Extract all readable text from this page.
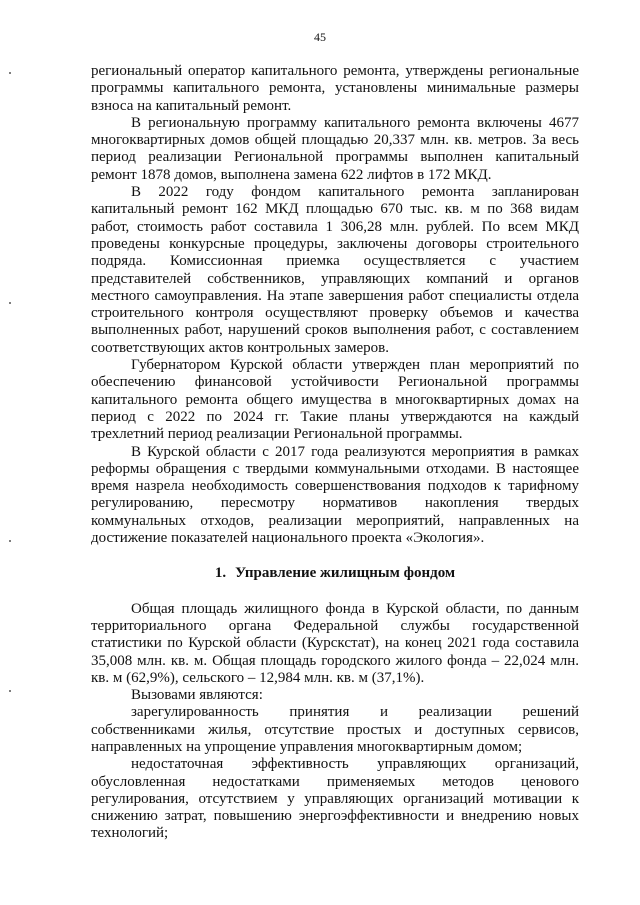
45

региональный оператор капитального ремонта, утверждены региональные программы капитального ремонта, установлены минимальные размеры взноса на капитальный ремонт.

В региональную программу капитального ремонта включены 4677 многоквартирных домов общей площадью 20,337 млн. кв. метров. За весь период реализации Региональной программы выполнен капитальный ремонт 1878 домов, выполнена замена 622 лифтов в 172 МКД.

В 2022 году фондом капитального ремонта запланирован капитальный ремонт 162 МКД площадью 670 тыс. кв. м по 368 видам работ, стоимость работ составила 1 306,28 млн. рублей. По всем МКД проведены конкурсные процедуры, заключены договоры строительного подряда. Комиссионная приемка осуществляется с участием представителей собственников, управляющих компаний и органов местного самоуправления. На этапе завершения работ специалисты отдела строительного контроля осуществляют проверку объемов и качества выполненных работ, нарушений сроков выполнения работ, с составлением соответствующих актов контрольных замеров.

Губернатором Курской области утвержден план мероприятий по обеспечению финансовой устойчивости Региональной программы капитального ремонта общего имущества в многоквартирных домах на период с 2022 по 2024 гг. Такие планы утверждаются на каждый трехлетний период реализации Региональной программы.

В Курской области с 2017 года реализуются мероприятия в рамках реформы обращения с твердыми коммунальными отходами. В настоящее время назрела необходимость совершенствования подходов к тарифному регулированию, пересмотру нормативов накопления твердых коммунальных отходов, реализации мероприятий, направленных на достижение показателей национального проекта «Экология».

1. Управление жилищным фондом

Общая площадь жилищного фонда в Курской области, по данным территориального органа Федеральной службы государственной статистики по Курской области (Курскстат), на конец 2021 года составила 35,008 млн. кв. м. Общая площадь городского жилого фонда – 22,024 млн. кв. м (62,9%), сельского – 12,984 млн. кв. м (37,1%).

Вызовами являются:

зарегулированность принятия и реализации решений собственниками жилья, отсутствие простых и доступных сервисов, направленных на упрощение управления многоквартирным домом;

недостаточная эффективность управляющих организаций, обусловленная недостатками применяемых методов ценового регулирования, отсутствием у управляющих организаций мотивации к снижению затрат, повышению энергоэффективности и внедрению новых технологий;
